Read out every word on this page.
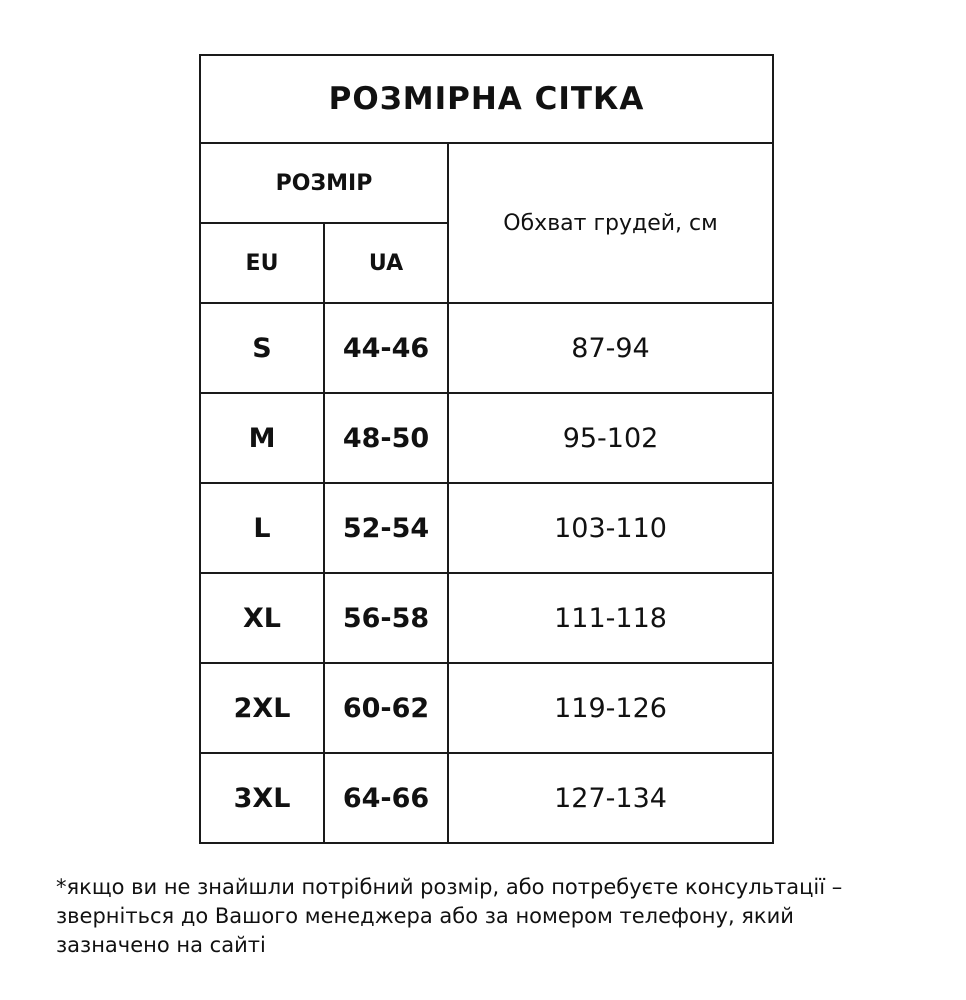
РОЗМІРНА СІТКА		
РОЗМІР		Обхват грудей, см
EU	UA	
S	44-46	87-94
M	48-50	95-102
L	52-54	103-110
XL	56-58	111-118
2XL	60-62	119-126
3XL	64-66	127-134
*якщо ви не знайшли потрібний розмір, або потребуєте консультації –
зверніться до Вашого менеджера або за номером телефону, який
зазначено на сайті
